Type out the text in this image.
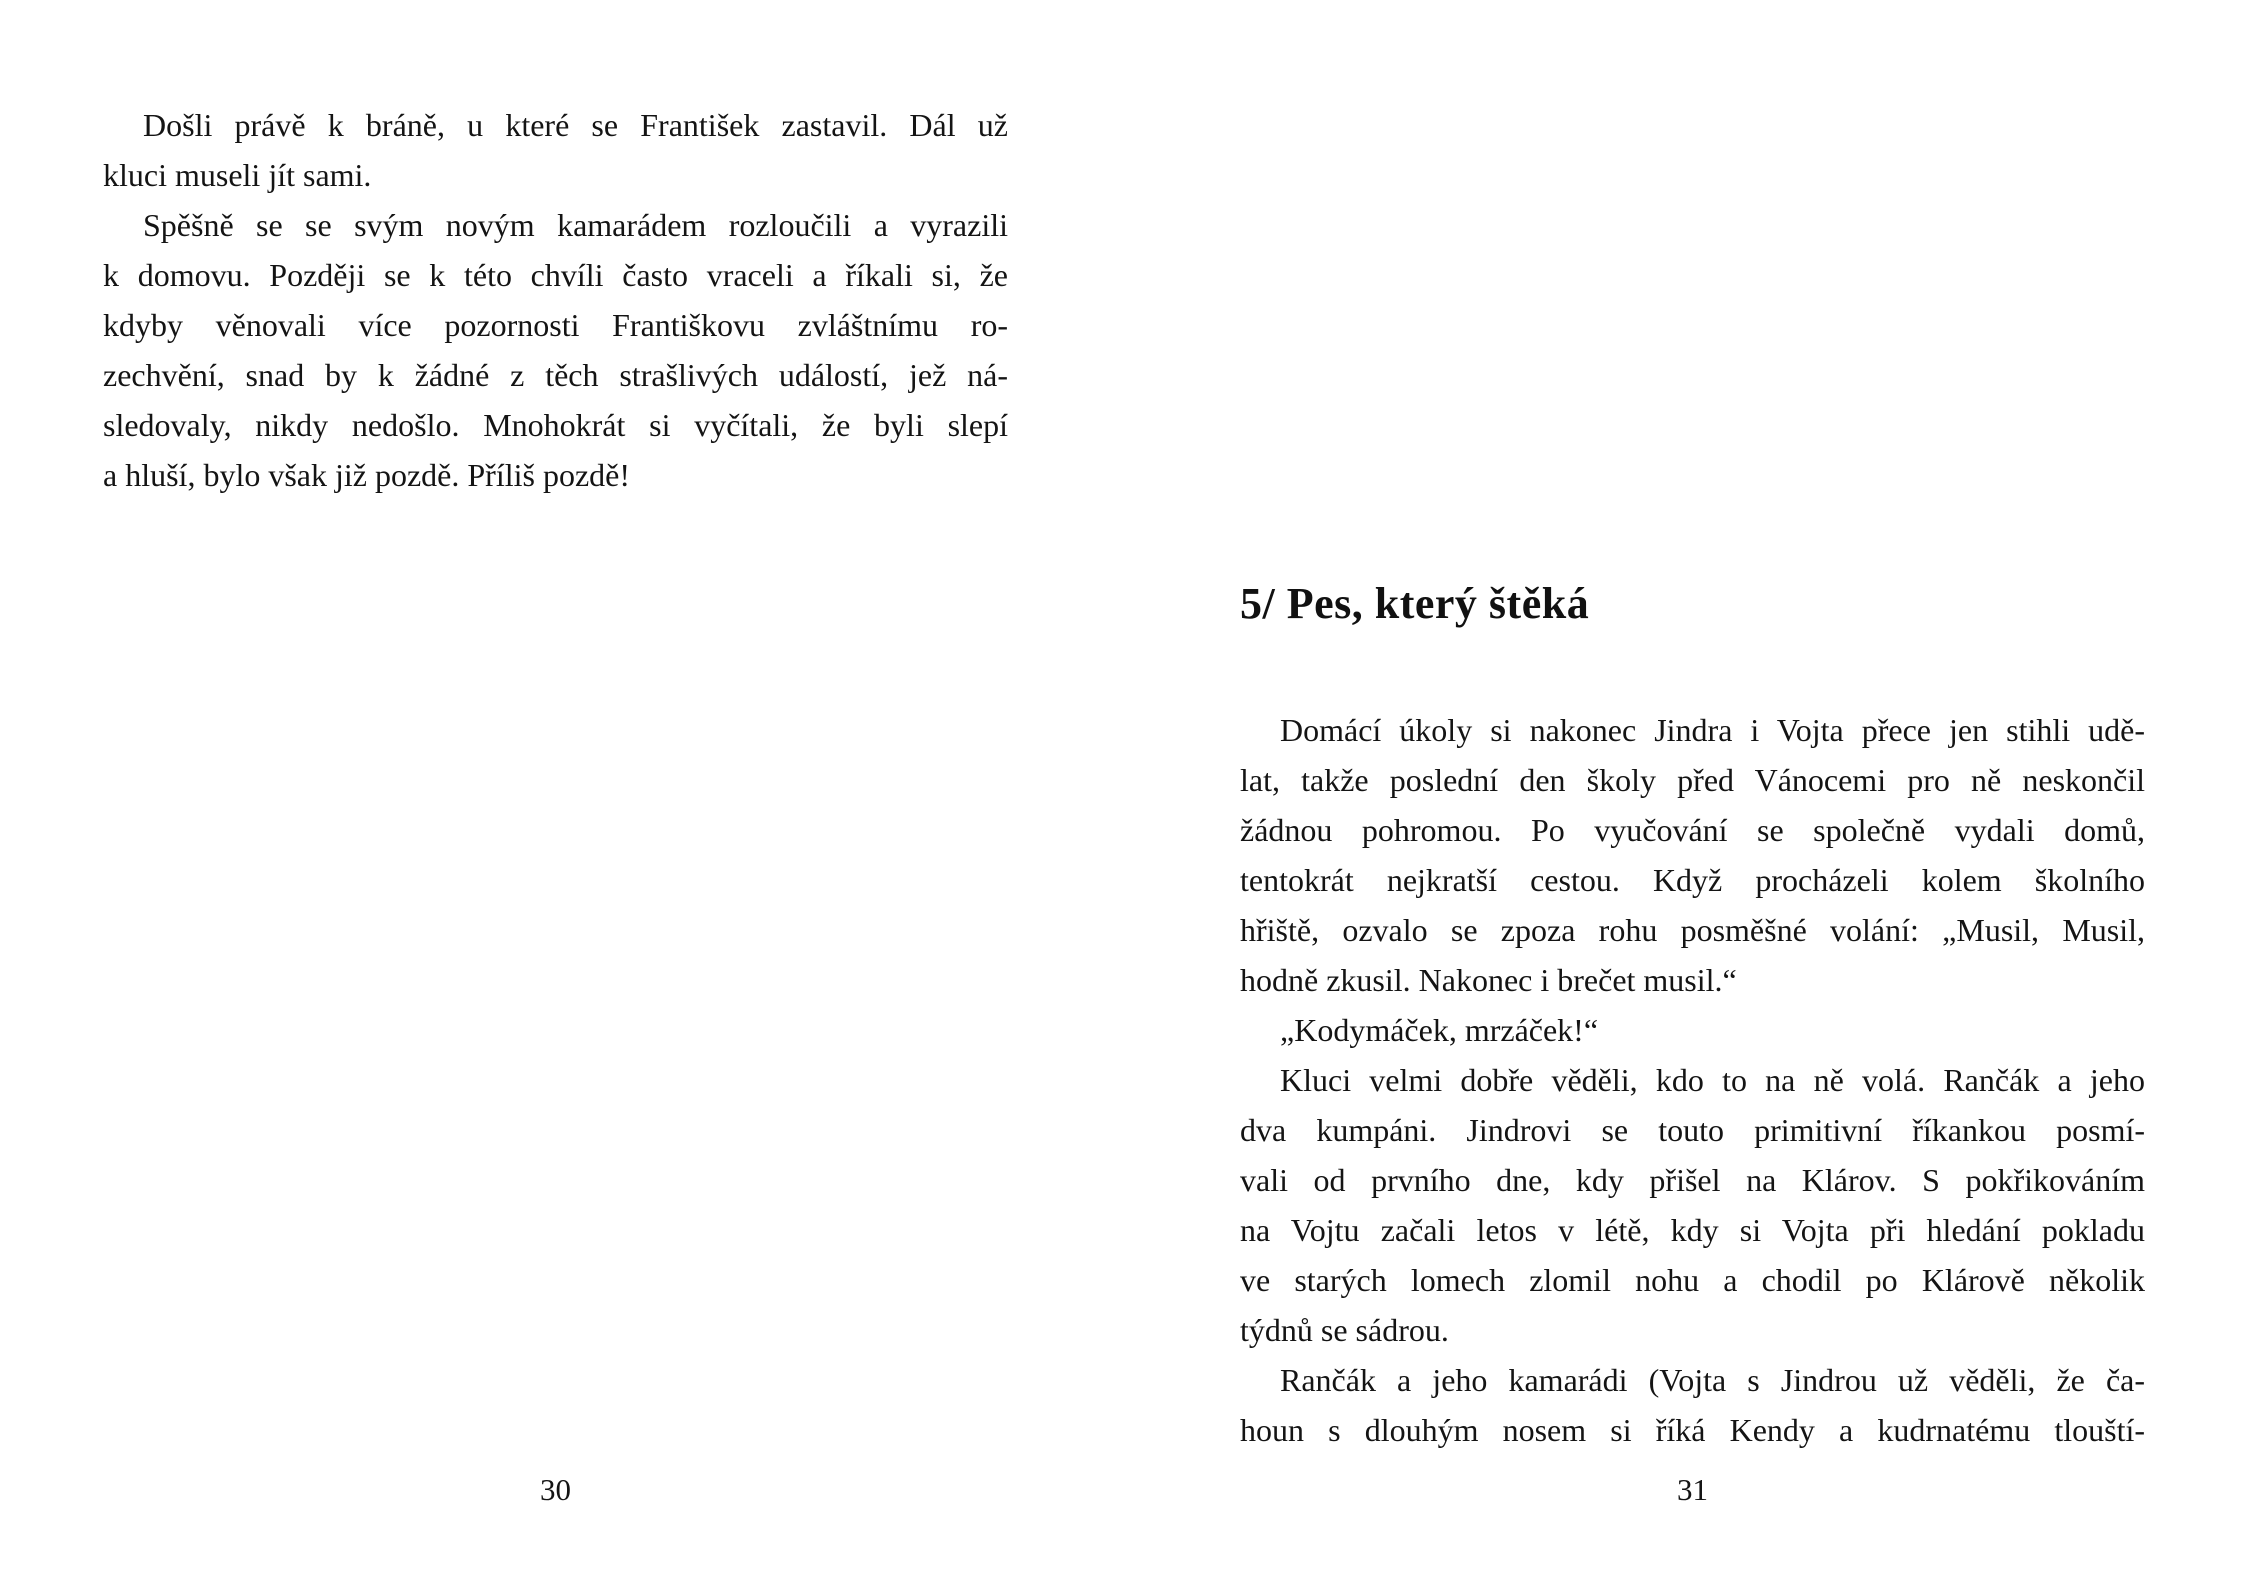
Došli právě k bráně, u které se František zastavil. Dál už
kluci museli jít sami.
Spěšně se se svým novým kamarádem rozloučili a vyrazili
k domovu. Později se k této chvíli často vraceli a říkali si, že
kdyby věnovali více pozornosti Františkovu zvláštnímu ro-
zechvění, snad by k žádné z těch strašlivých událostí, jež ná-
sledovaly, nikdy nedošlo. Mnohokrát si vyčítali, že byli slepí
a hluší, bylo však již pozdě. Příliš pozdě!
30
5/ Pes, který štěká
Domácí úkoly si nakonec Jindra i Vojta přece jen stihli udě-
lat, takže poslední den školy před Vánocemi pro ně neskončil
žádnou pohromou. Po vyučování se společně vydali domů,
tentokrát nejkratší cestou. Když procházeli kolem školního
hřiště, ozvalo se zpoza rohu posměšné volání: „Musil, Musil,
hodně zkusil. Nakonec i brečet musil.“
„Kodymáček, mrzáček!“
Kluci velmi dobře věděli, kdo to na ně volá. Rančák a jeho
dva kumpáni. Jindrovi se touto primitivní říkankou posmí-
vali od prvního dne, kdy přišel na Klárov. S pokřikováním
na Vojtu začali letos v létě, kdy si Vojta při hledání pokladu
ve starých lomech zlomil nohu a chodil po Klárově několik
týdnů se sádrou.
Rančák a jeho kamarádi (Vojta s Jindrou už věděli, že ča-
houn s dlouhým nosem si říká Kendy a kudrnatému tlouští-
31
